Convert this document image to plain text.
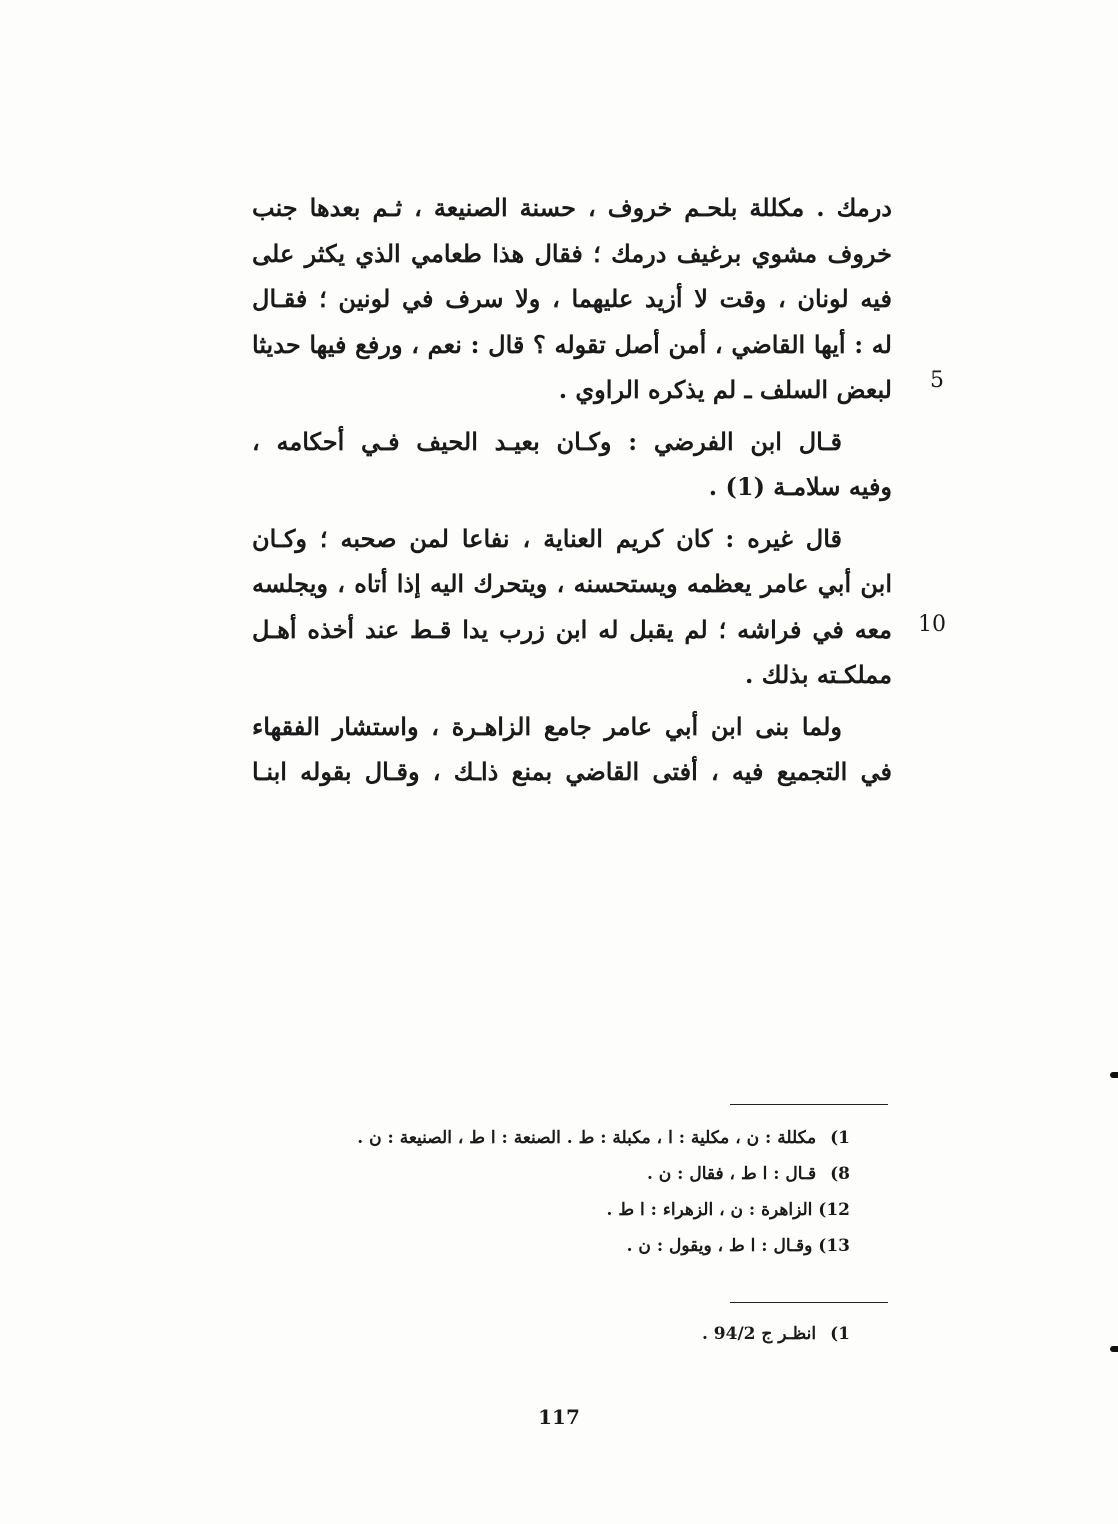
درمك . مكللة بلحـم خروف ، حسنة الصنيعة ، ثـم بعدها جنب
خروف مشوي برغيف درمك ؛ فقال هذا طعامي الذي يكثر على
فيه لونان ، وقت لا أزيد عليهما ، ولا سرف في لونين ؛ فقـال
له : أيها القاضي ، أمن أصل تقوله ؟ قال : نعم ، ورفع فيها حديثا
لبعض السلف ـ لم يذكره الراوي .
قـال ابن الفرضي : وكـان بعيـد الحيف فـي أحكامه ،
وفيه سلامـة (1) .
قال غيره : كان كريم العناية ، نفاعا لمن صحبه ؛ وكـان
ابن أبي عامر يعظمه ويستحسنه ، ويتحرك اليه إذا أتاه ، ويجلسه
معه في فراشه ؛ لم يقبل له ابن زرب يدا قـط عند أخذه أهـل
مملكـته بذلك .
ولما بنى ابن أبي عامر جامع الزاهـرة ، واستشار الفقهاء
في التجميع فيه ، أفتى القاضي بمنع ذاـك ، وقـال بقوله ابنـا
5
10
1) مكللة : ن ، مكلية : ا ، مكبلة : ط . الصنعة : ا ط ، الصنيعة : ن .
8) قـال : ا ط ، فقال : ن .
12) الزاهرة : ن ، الزهراء : ا ط .
13) وقـال : ا ط ، ويقول : ن .
1) انظـر ج 94/2 .
117
